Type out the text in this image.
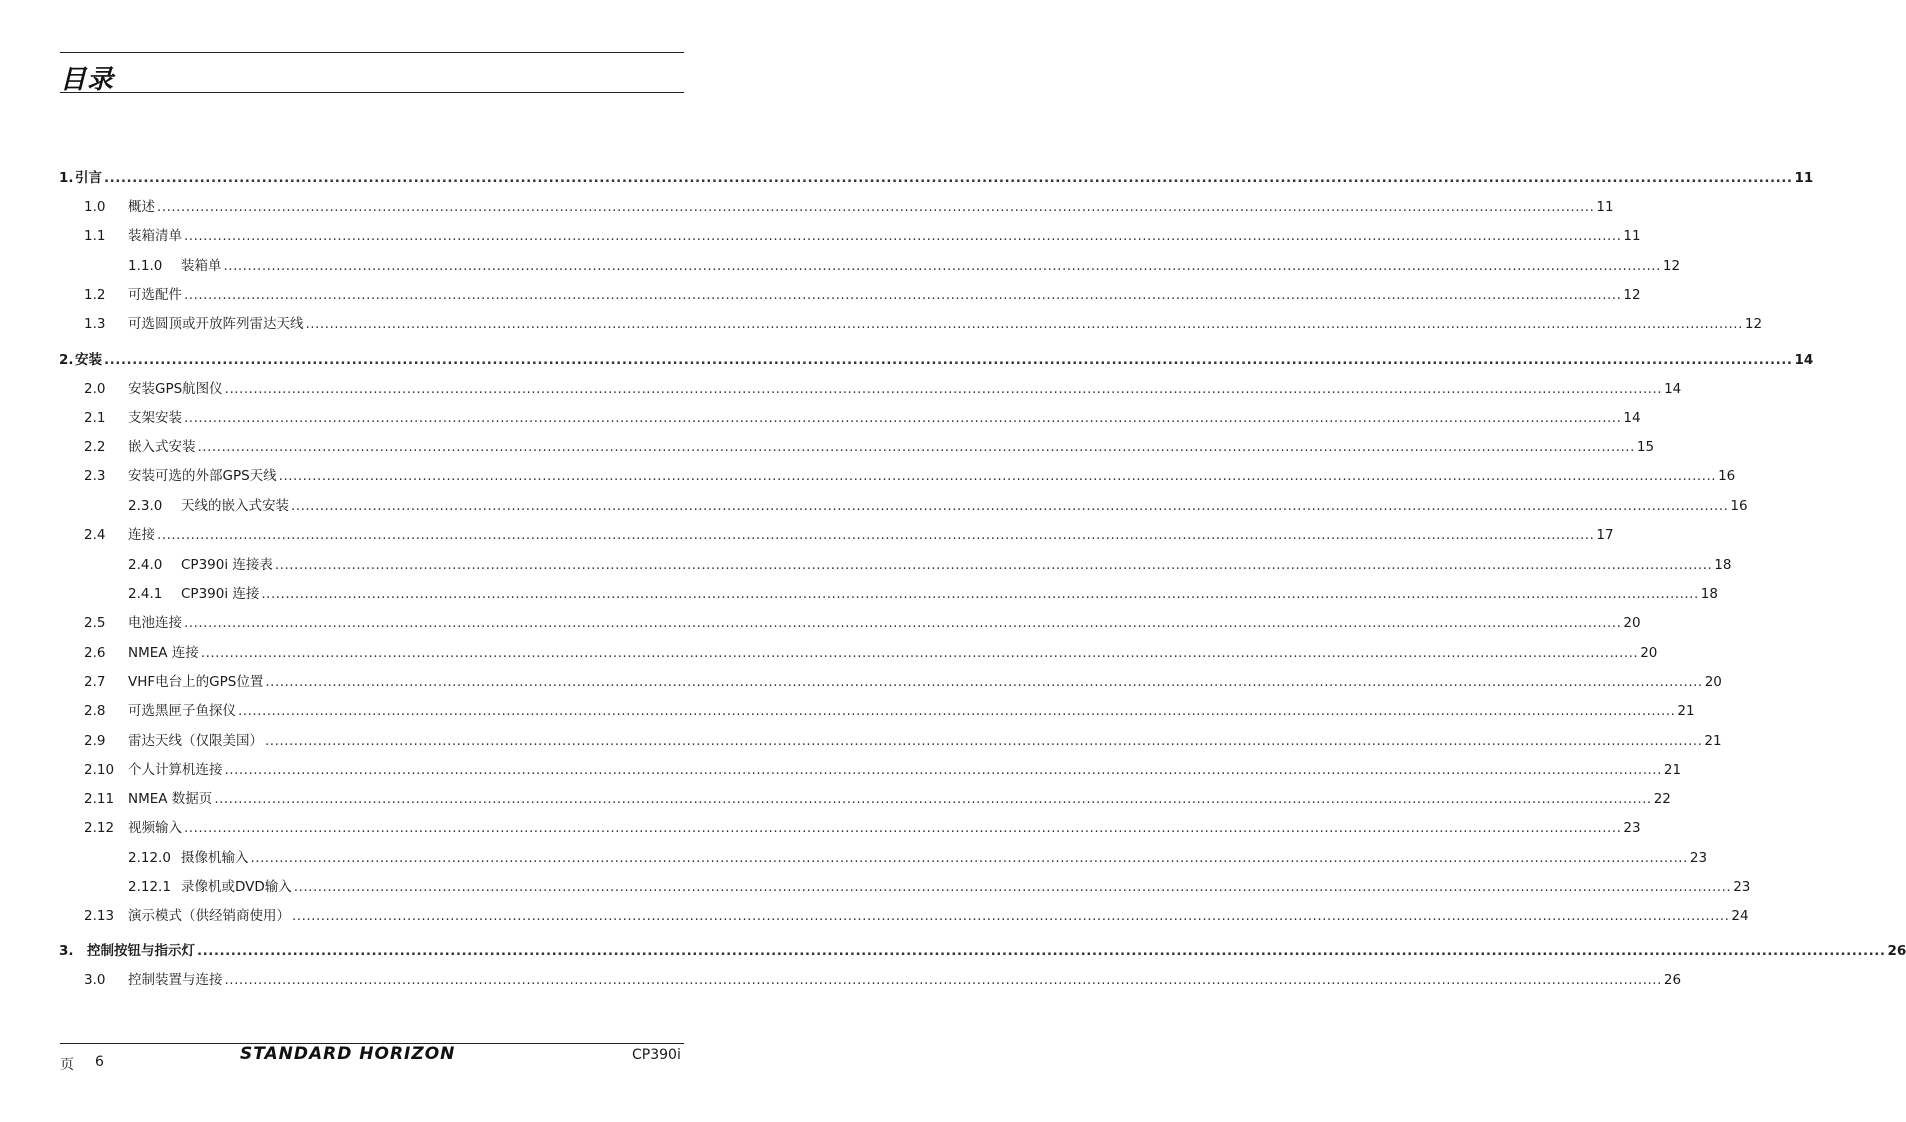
目录
1. 引言 ............................................................................................................................................................................................................................................................................................................ 11
1.0 概述 ............................................................................................................................................................................................................................................................................................................ 11
1.1 装箱清单 ............................................................................................................................................................................................................................................................................................................ 11
1.1.0 装箱单 ............................................................................................................................................................................................................................................................................................................ 12
1.2 可选配件 ............................................................................................................................................................................................................................................................................................................ 12
1.3 可选圆顶或开放阵列雷达天线 ............................................................................................................................................................................................................................................................................................................ 12
2. 安装 ............................................................................................................................................................................................................................................................................................................ 14
2.0 安装GPS航图仪 ............................................................................................................................................................................................................................................................................................................ 14
2.1 支架安装 ............................................................................................................................................................................................................................................................................................................ 14
2.2 嵌入式安装 ............................................................................................................................................................................................................................................................................................................ 15
2.3 安装可选的外部GPS天线 ............................................................................................................................................................................................................................................................................................................ 16
2.3.0 天线的嵌入式安装 ............................................................................................................................................................................................................................................................................................................ 16
2.4 连接 ............................................................................................................................................................................................................................................................................................................ 17
2.4.0 CP390i 连接表 ............................................................................................................................................................................................................................................................................................................ 18
2.4.1 CP390i 连接 ............................................................................................................................................................................................................................................................................................................ 18
2.5 电池连接 ............................................................................................................................................................................................................................................................................................................ 20
2.6 NMEA 连接 ............................................................................................................................................................................................................................................................................................................ 20
2.7 VHF电台上的GPS位置 ............................................................................................................................................................................................................................................................................................................ 20
2.8 可选黑匣子鱼探仪 ............................................................................................................................................................................................................................................................................................................ 21
2.9 雷达天线（仅限美国） ............................................................................................................................................................................................................................................................................................................ 21
2.10 个人计算机连接 ............................................................................................................................................................................................................................................................................................................ 21
2.11 NMEA 数据页 ............................................................................................................................................................................................................................................................................................................ 22
2.12 视频输入 ............................................................................................................................................................................................................................................................................................................ 23
2.12.0 摄像机输入 ............................................................................................................................................................................................................................................................................................................ 23
2.12.1 录像机或DVD输入 ............................................................................................................................................................................................................................................................................................................ 23
2.13 演示模式（供经销商使用） ............................................................................................................................................................................................................................................................................................................ 24
3. 控制按钮与指示灯 ............................................................................................................................................................................................................................................................................................................ 26
3.0 控制装置与连接 ............................................................................................................................................................................................................................................................................................................ 26
页 6	STANDARD HORIZON	CP390i
